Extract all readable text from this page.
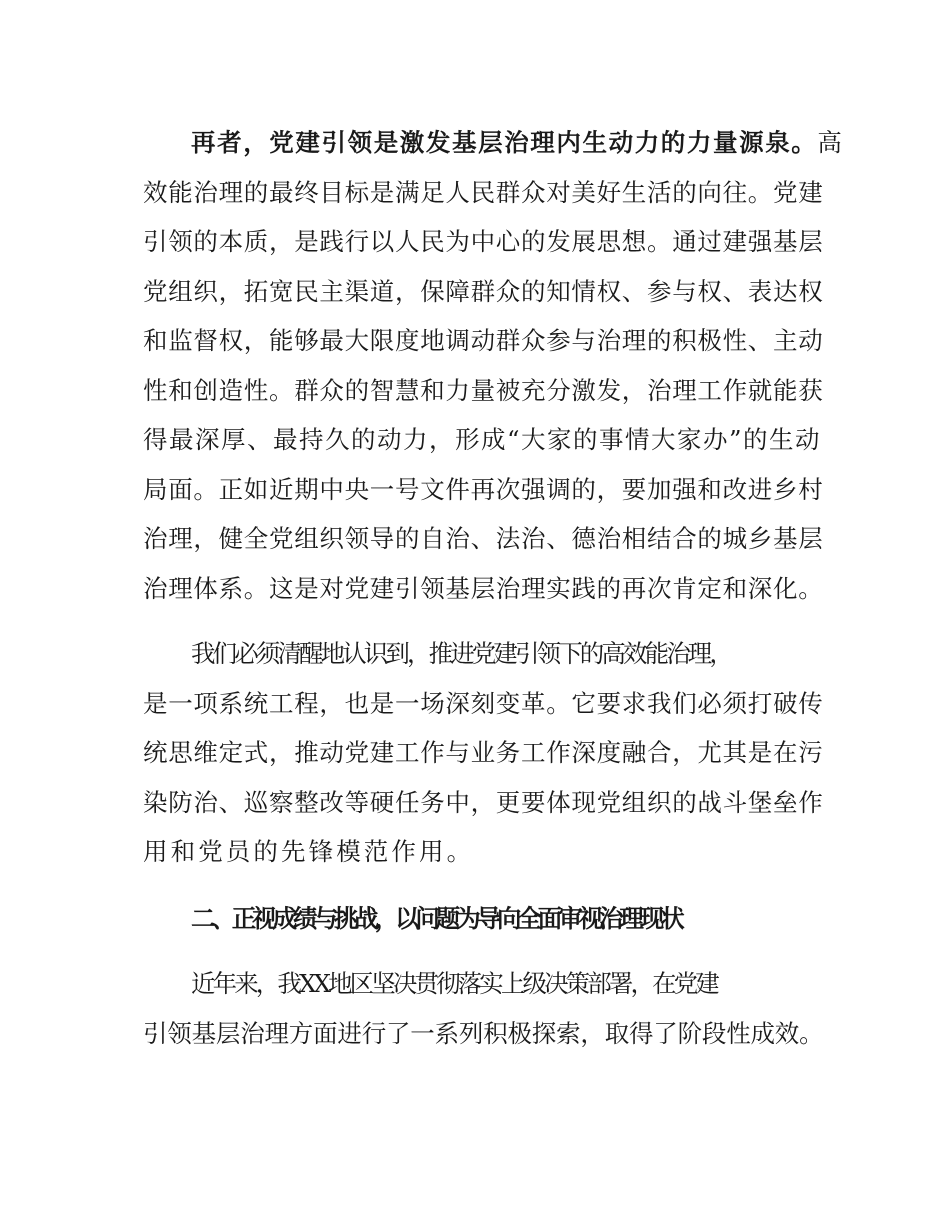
再者，党建引领是激发基层治理内生动力的力量源泉。高
效能治理的最终目标是满足人民群众对美好生活的向往。党建
引领的本质，是践行以人民为中心的发展思想。通过建强基层
党组织，拓宽民主渠道，保障群众的知情权、参与权、表达权
和监督权，能够最大限度地调动群众参与治理的积极性、主动
性和创造性。群众的智慧和力量被充分激发，治理工作就能获
得最深厚、最持久的动力，形成“大家的事情大家办”的生动
局面。正如近期中央一号文件再次强调的，要加强和改进乡村
治理，健全党组织领导的自治、法治、德治相结合的城乡基层
治理体系。这是对党建引领基层治理实践的再次肯定和深化。
我们必须清醒地认识到，推进党建引领下的高效能治理，
是一项系统工程，也是一场深刻变革。它要求我们必须打破传
统思维定式，推动党建工作与业务工作深度融合，尤其是在污
染防治、巡察整改等硬任务中，更要体现党组织的战斗堡垒作
用和党员的先锋模范作用。
二、正视成绩与挑战，以问题为导向全面审视治理现状
近年来，我XX地区坚决贯彻落实上级决策部署，在党建
引领基层治理方面进行了一系列积极探索，取得了阶段性成效。
